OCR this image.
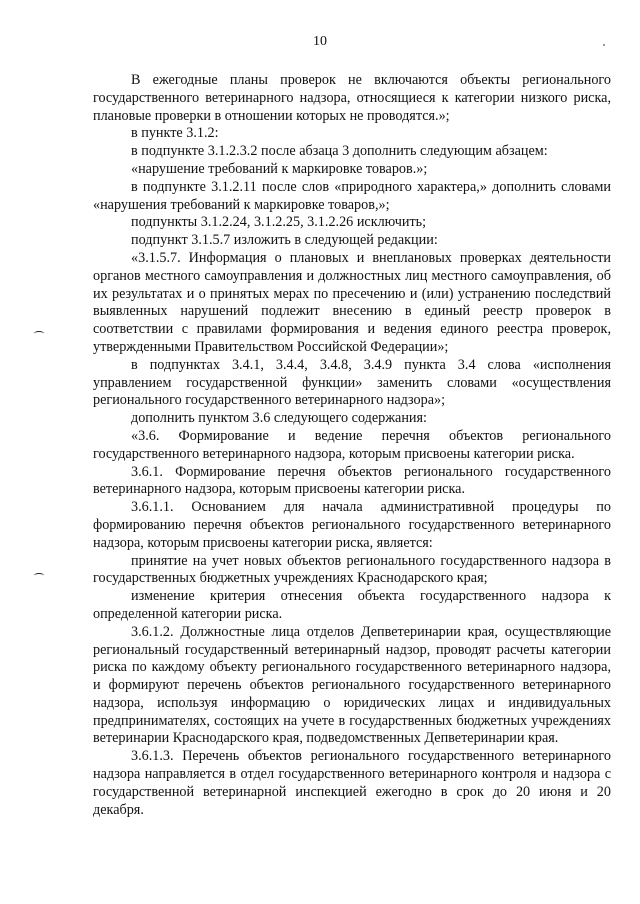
10

В ежегодные планы проверок не включаются объекты регионального государственного ветеринарного надзора, относящиеся к категории низкого риска, плановые проверки в отношении которых не проводятся.»;

в пункте 3.1.2:

в подпункте 3.1.2.3.2 после абзаца 3 дополнить следующим абзацем:

«нарушение требований к маркировке товаров.»;

в подпункте 3.1.2.11 после слов «природного характера,» дополнить словами «нарушения требований к маркировке товаров,»;

подпункты 3.1.2.24, 3.1.2.25, 3.1.2.26 исключить;

подпункт 3.1.5.7 изложить в следующей редакции:

«3.1.5.7. Информация о плановых и внеплановых проверках деятельности органов местного самоуправления и должностных лиц местного самоуправления, об их результатах и о принятых мерах по пресечению и (или) устранению последствий выявленных нарушений подлежит внесению в единый реестр проверок в соответствии с правилами формирования и ведения единого реестра проверок, утвержденными Правительством Российской Федерации»;

в подпунктах 3.4.1, 3.4.4, 3.4.8, 3.4.9 пункта 3.4 слова «исполнения управлением государственной функции» заменить словами «осуществления регионального государственного ветеринарного надзора»;

дополнить пунктом 3.6 следующего содержания:

«3.6. Формирование и ведение перечня объектов регионального государственного ветеринарного надзора, которым присвоены категории риска.

3.6.1. Формирование перечня объектов регионального государственного ветеринарного надзора, которым присвоены категории риска.

3.6.1.1. Основанием для начала административной процедуры по формированию перечня объектов регионального государственного ветеринарного надзора, которым присвоены категории риска, является:

принятие на учет новых объектов регионального государственного надзора в государственных бюджетных учреждениях Краснодарского края;

изменение критерия отнесения объекта государственного надзора к определенной категории риска.

3.6.1.2. Должностные лица отделов Депветеринарии края, осуществляющие региональный государственный ветеринарный надзор, проводят расчеты категории риска по каждому объекту регионального государственного ветеринарного надзора, и формируют перечень объектов регионального государственного ветеринарного надзора, используя информацию о юридических лицах и индивидуальных предпринимателях, состоящих на учете в государственных бюджетных учреждениях ветеринарии Краснодарского края, подведомственных Депветеринарии края.

3.6.1.3. Перечень объектов регионального государственного ветеринарного надзора направляется в отдел государственного ветеринарного контроля и надзора с государственной ветеринарной инспекцией ежегодно в срок до 20 июня и 20 декабря.
